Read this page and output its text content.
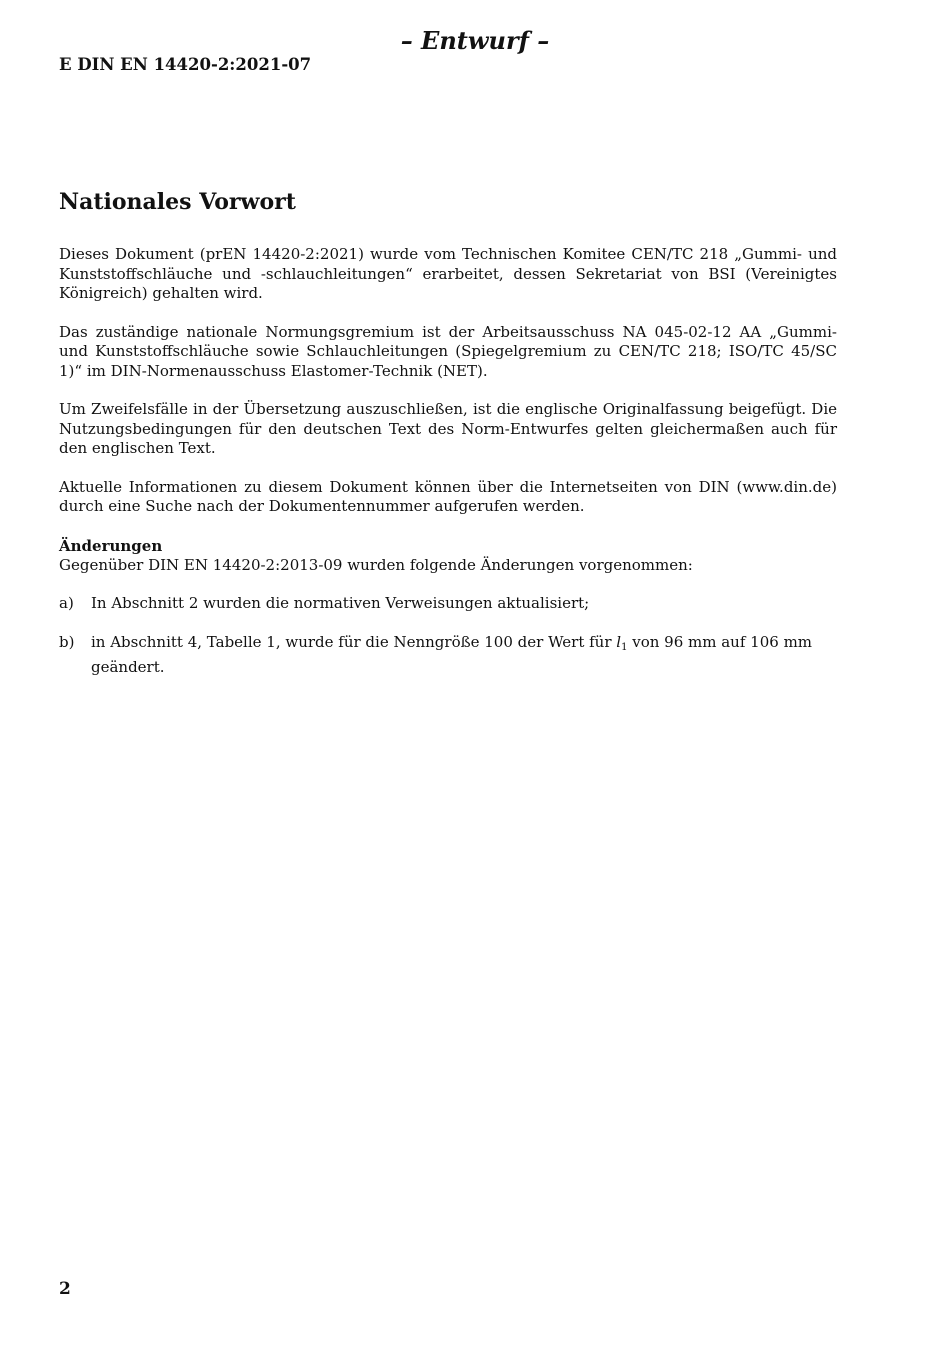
– Entwurf –
E DIN EN 14420-2:2021-07
Nationales Vorwort

Dieses Dokument (prEN 14420-2:2021) wurde vom Technischen Komitee CEN/TC 218 „Gummi- und Kunststoffschläuche und -schlauchleitungen“ erarbeitet, dessen Sekretariat von BSI (Vereinigtes Königreich) gehalten wird.

Das zuständige nationale Normungsgremium ist der Arbeitsausschuss NA 045-02-12 AA „Gummi- und Kunststoffschläuche sowie Schlauchleitungen (Spiegelgremium zu CEN/TC 218; ISO/TC 45/SC 1)“ im DIN-Normenausschuss Elastomer-Technik (NET).

Um Zweifelsfälle in der Übersetzung auszuschließen, ist die englische Originalfassung beigefügt. Die Nutzungsbedingungen für den deutschen Text des Norm-Entwurfes gelten gleichermaßen auch für den englischen Text.

Aktuelle Informationen zu diesem Dokument können über die Internetseiten von DIN (www.din.de) durch eine Suche nach der Dokumentennummer aufgerufen werden.

Änderungen

Gegenüber DIN EN 14420-2:2013-09 wurden folgende Änderungen vorgenommen:

a)	In Abschnitt 2 wurden die normativen Verweisungen aktualisiert;
b)	in Abschnitt 4, Tabelle 1, wurde für die Nenngröße 100 der Wert für $l_1$ von 96 mm auf 106 mm geändert.
2
